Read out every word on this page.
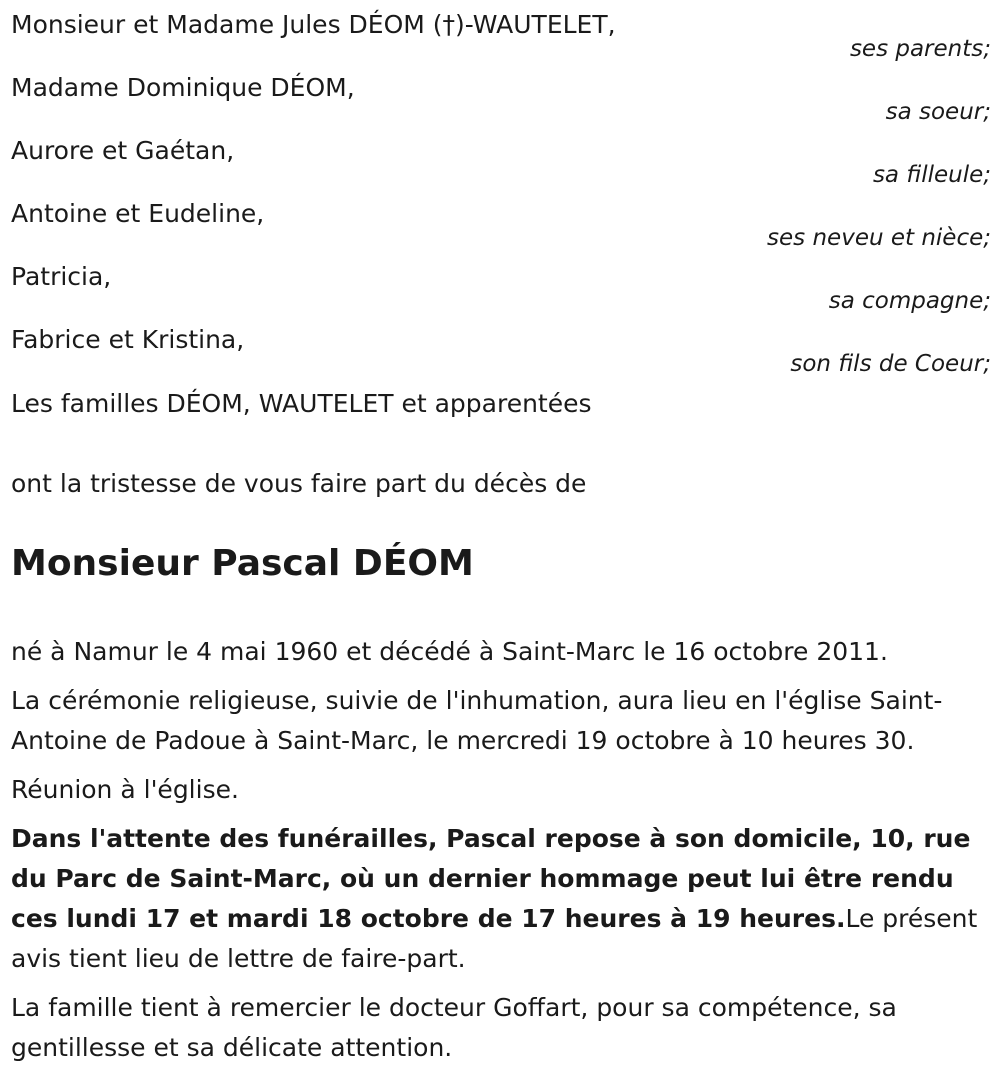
Monsieur et Madame Jules DÉOM (†)-WAUTELET,
ses parents;
Madame Dominique DÉOM,
sa soeur;
Aurore et Gaétan,
sa filleule;
Antoine et Eudeline,
ses neveu et nièce;
Patricia,
sa compagne;
Fabrice et Kristina,
son fils de Coeur;
Les familles DÉOM, WAUTELET et apparentées
ont la tristesse de vous faire part du décès de
Monsieur Pascal DÉOM

né à Namur le 4 mai 1960 et décédé à Saint-Marc le 16 octobre 2011.

La cérémonie religieuse, suivie de l'inhumation, aura lieu en l'église Saint-Antoine de Padoue à Saint-Marc, le mercredi 19 octobre à 10 heures 30.

Réunion à l'église.

Dans l'attente des funérailles, Pascal repose à son domicile, 10, rue du Parc de Saint-Marc, où un dernier hommage peut lui être rendu ces lundi 17 et mardi 18 octobre de 17 heures à 19 heures.Le présent avis tient lieu de lettre de faire-part.

La famille tient à remercier le docteur Goffart, pour sa compétence, sa gentillesse et sa délicate attention.
